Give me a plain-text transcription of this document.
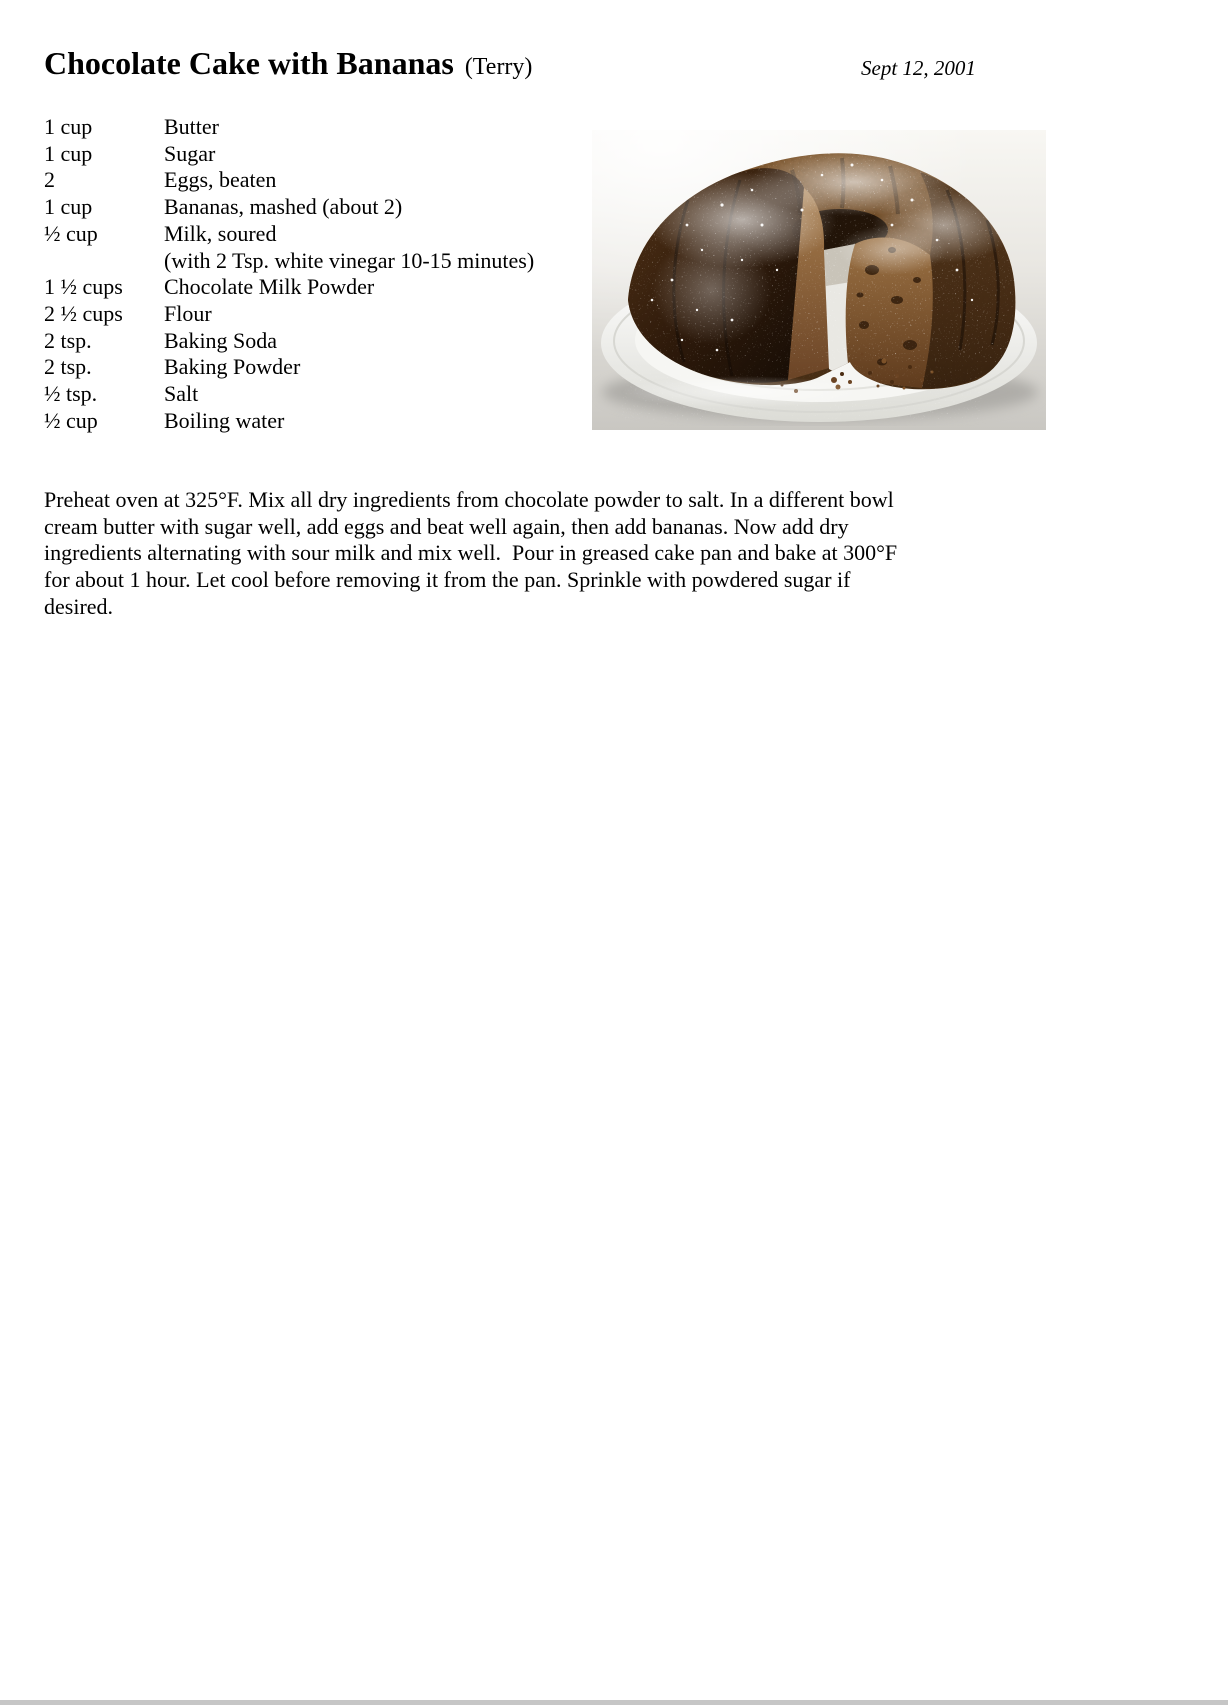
Chocolate Cake with Bananas (Terry)	Sept 12, 2001
1 cup	Butter
1 cup	Sugar
2	Eggs, beaten
1 cup	Bananas, mashed (about 2)
½ cup	Milk, soured
(with 2 Tsp. white vinegar 10-15 minutes)
1 ½ cups	Chocolate Milk Powder
2 ½ cups	Flour
2 tsp.	Baking Soda
2 tsp.	Baking Powder
½ tsp.	Salt
½ cup	Boiling water
Preheat oven at 325°F. Mix all dry ingredients from chocolate powder to salt. In a different bowl
cream butter with sugar well, add eggs and beat well again, then add bananas. Now add dry
ingredients alternating with sour milk and mix well.  Pour in greased cake pan and bake at 300°F
for about 1 hour. Let cool before removing it from the pan. Sprinkle with powdered sugar if
desired.
